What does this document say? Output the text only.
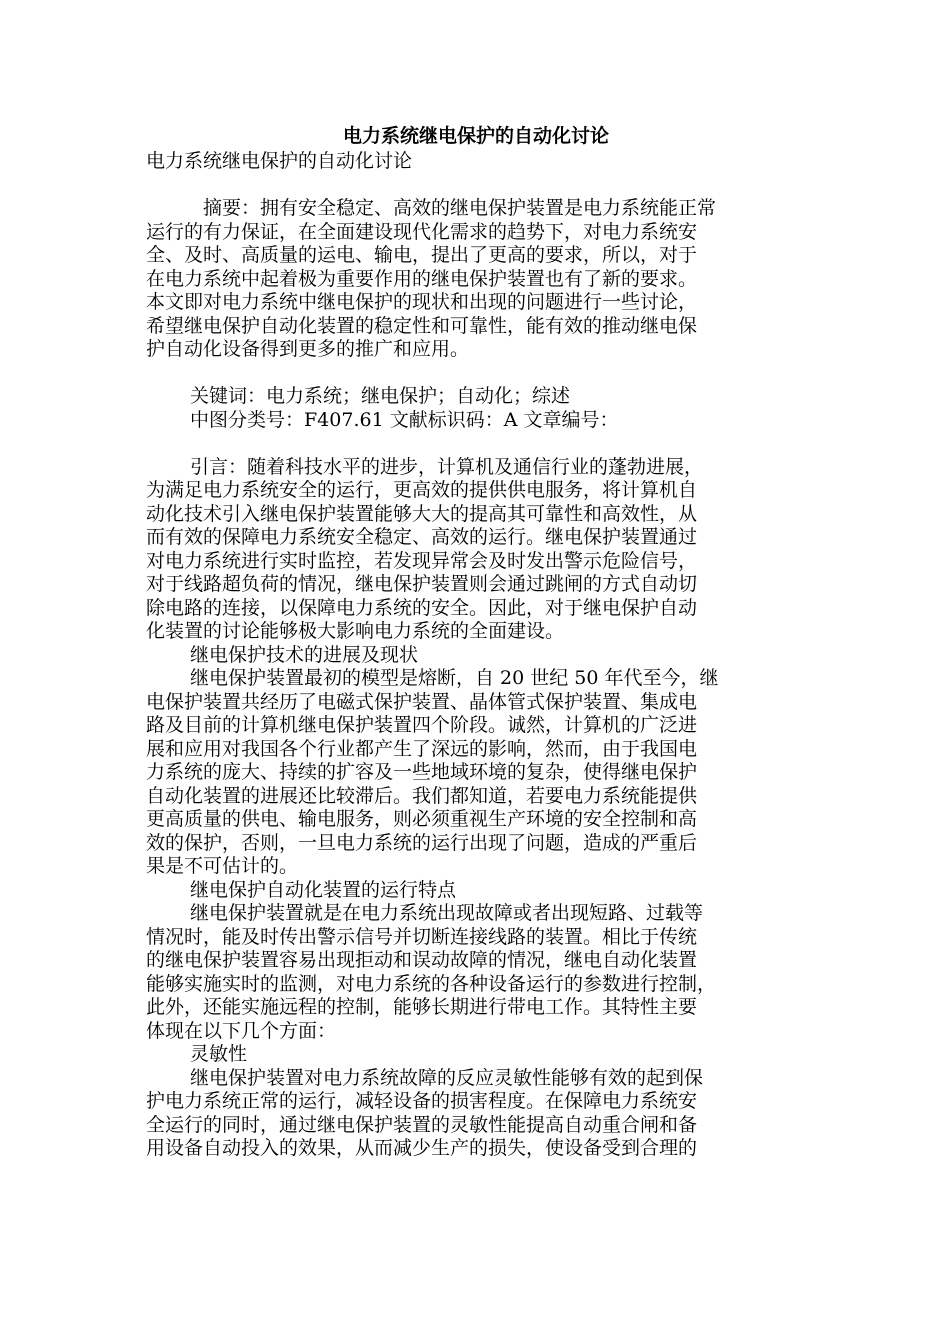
电力系统继电保护的自动化讨论
电力系统继电保护的自动化讨论
摘要：拥有安全稳定、高效的继电保护装置是电力系统能正常
运行的有力保证，在全面建设现代化需求的趋势下，对电力系统安
全、及时、高质量的运电、输电，提出了更高的要求，所以，对于
在电力系统中起着极为重要作用的继电保护装置也有了新的要求。
本文即对电力系统中继电保护的现状和出现的问题进行一些讨论，
希望继电保护自动化装置的稳定性和可靠性，能有效的推动继电保
护自动化设备得到更多的推广和应用。
关键词：电力系统；继电保护；自动化；综述
中图分类号：F407.61 文献标识码：A 文章编号：
引言：随着科技水平的进步，计算机及通信行业的蓬勃进展，
为满足电力系统安全的运行，更高效的提供供电服务，将计算机自
动化技术引入继电保护装置能够大大的提高其可靠性和高效性，从
而有效的保障电力系统安全稳定、高效的运行。继电保护装置通过
对电力系统进行实时监控，若发现异常会及时发出警示危险信号，
对于线路超负荷的情况，继电保护装置则会通过跳闸的方式自动切
除电路的连接，以保障电力系统的安全。因此，对于继电保护自动
化装置的讨论能够极大影响电力系统的全面建设。
继电保护技术的进展及现状
继电保护装置最初的模型是熔断，自 20 世纪 50 年代至今，继
电保护装置共经历了电磁式保护装置、晶体管式保护装置、集成电
路及目前的计算机继电保护装置四个阶段。诚然，计算机的广泛进
展和应用对我国各个行业都产生了深远的影响，然而，由于我国电
力系统的庞大、持续的扩容及一些地域环境的复杂，使得继电保护
自动化装置的进展还比较滞后。我们都知道，若要电力系统能提供
更高质量的供电、输电服务，则必须重视生产环境的安全控制和高
效的保护，否则，一旦电力系统的运行出现了问题，造成的严重后
果是不可估计的。
继电保护自动化装置的运行特点
继电保护装置就是在电力系统出现故障或者出现短路、过载等
情况时，能及时传出警示信号并切断连接线路的装置。相比于传统
的继电保护装置容易出现拒动和误动故障的情况，继电自动化装置
能够实施实时的监测，对电力系统的各种设备运行的参数进行控制，
此外，还能实施远程的控制，能够长期进行带电工作。其特性主要
体现在以下几个方面：
灵敏性
继电保护装置对电力系统故障的反应灵敏性能够有效的起到保
护电力系统正常的运行，减轻设备的损害程度。在保障电力系统安
全运行的同时，通过继电保护装置的灵敏性能提高自动重合闸和备
用设备自动投入的效果，从而减少生产的损失，使设备受到合理的
